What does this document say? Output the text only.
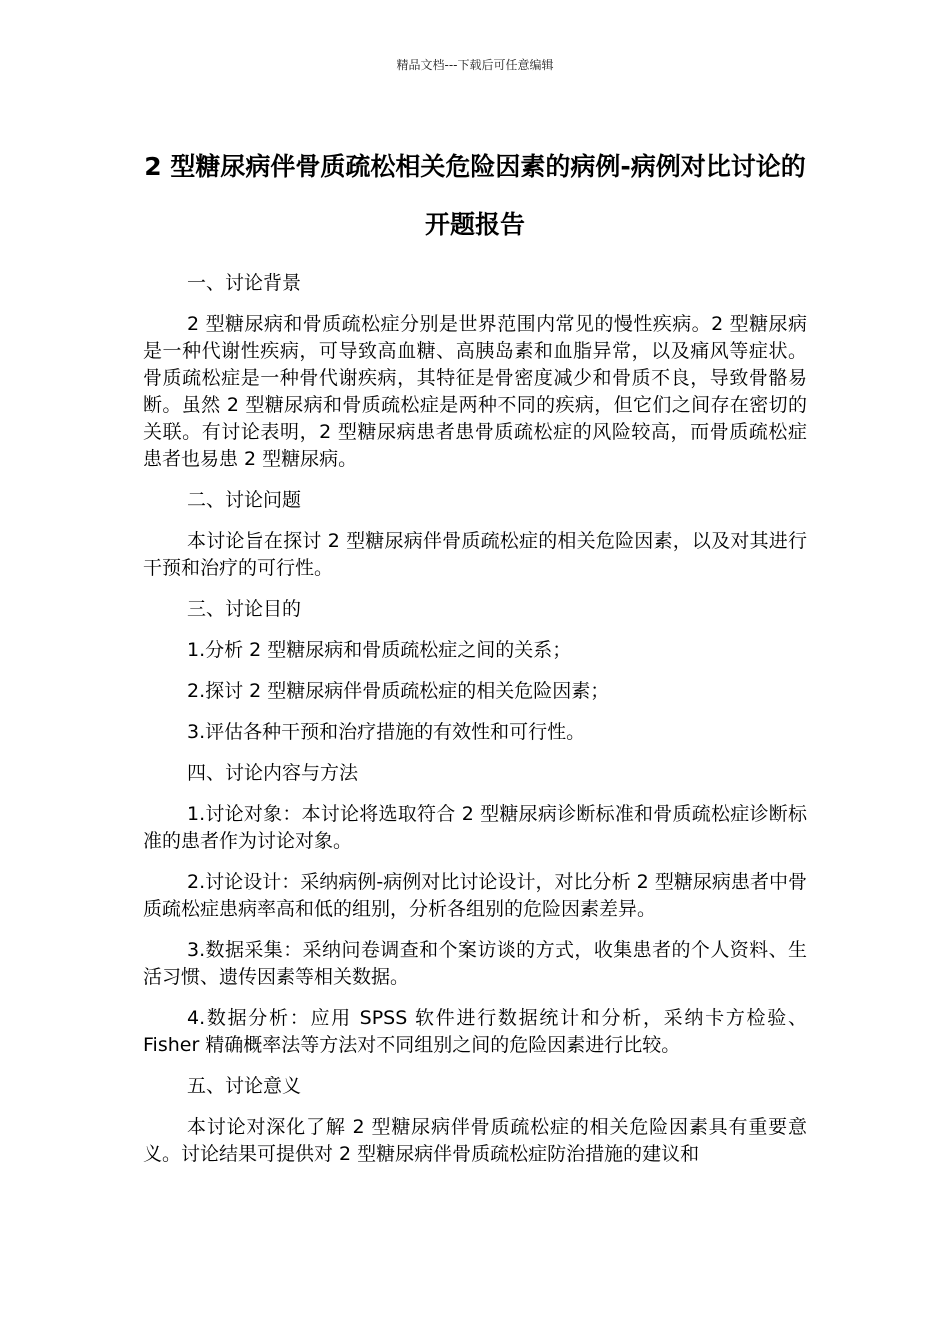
精品文档---下载后可任意编辑
2 型糖尿病伴骨质疏松相关危险因素的病例-病例对比讨论的开题报告

一、讨论背景

2 型糖尿病和骨质疏松症分别是世界范围内常见的慢性疾病。2 型糖尿病是一种代谢性疾病，可导致高血糖、高胰岛素和血脂异常，以及痛风等症状。骨质疏松症是一种骨代谢疾病，其特征是骨密度减少和骨质不良，导致骨骼易断。虽然 2 型糖尿病和骨质疏松症是两种不同的疾病，但它们之间存在密切的关联。有讨论表明，2 型糖尿病患者患骨质疏松症的风险较高，而骨质疏松症患者也易患 2 型糖尿病。

二、讨论问题

本讨论旨在探讨 2 型糖尿病伴骨质疏松症的相关危险因素，以及对其进行干预和治疗的可行性。

三、讨论目的

1.分析 2 型糖尿病和骨质疏松症之间的关系；

2.探讨 2 型糖尿病伴骨质疏松症的相关危险因素；

3.评估各种干预和治疗措施的有效性和可行性。

四、讨论内容与方法

1.讨论对象：本讨论将选取符合 2 型糖尿病诊断标准和骨质疏松症诊断标准的患者作为讨论对象。

2.讨论设计：采纳病例-病例对比讨论设计，对比分析 2 型糖尿病患者中骨质疏松症患病率高和低的组别，分析各组别的危险因素差异。

3.数据采集：采纳问卷调查和个案访谈的方式，收集患者的个人资料、生活习惯、遗传因素等相关数据。

4.数据分析：应用 SPSS 软件进行数据统计和分析，采纳卡方检验、Fisher 精确概率法等方法对不同组别之间的危险因素进行比较。

五、讨论意义

本讨论对深化了解 2 型糖尿病伴骨质疏松症的相关危险因素具有重要意义。讨论结果可提供对 2 型糖尿病伴骨质疏松症防治措施的建议和
